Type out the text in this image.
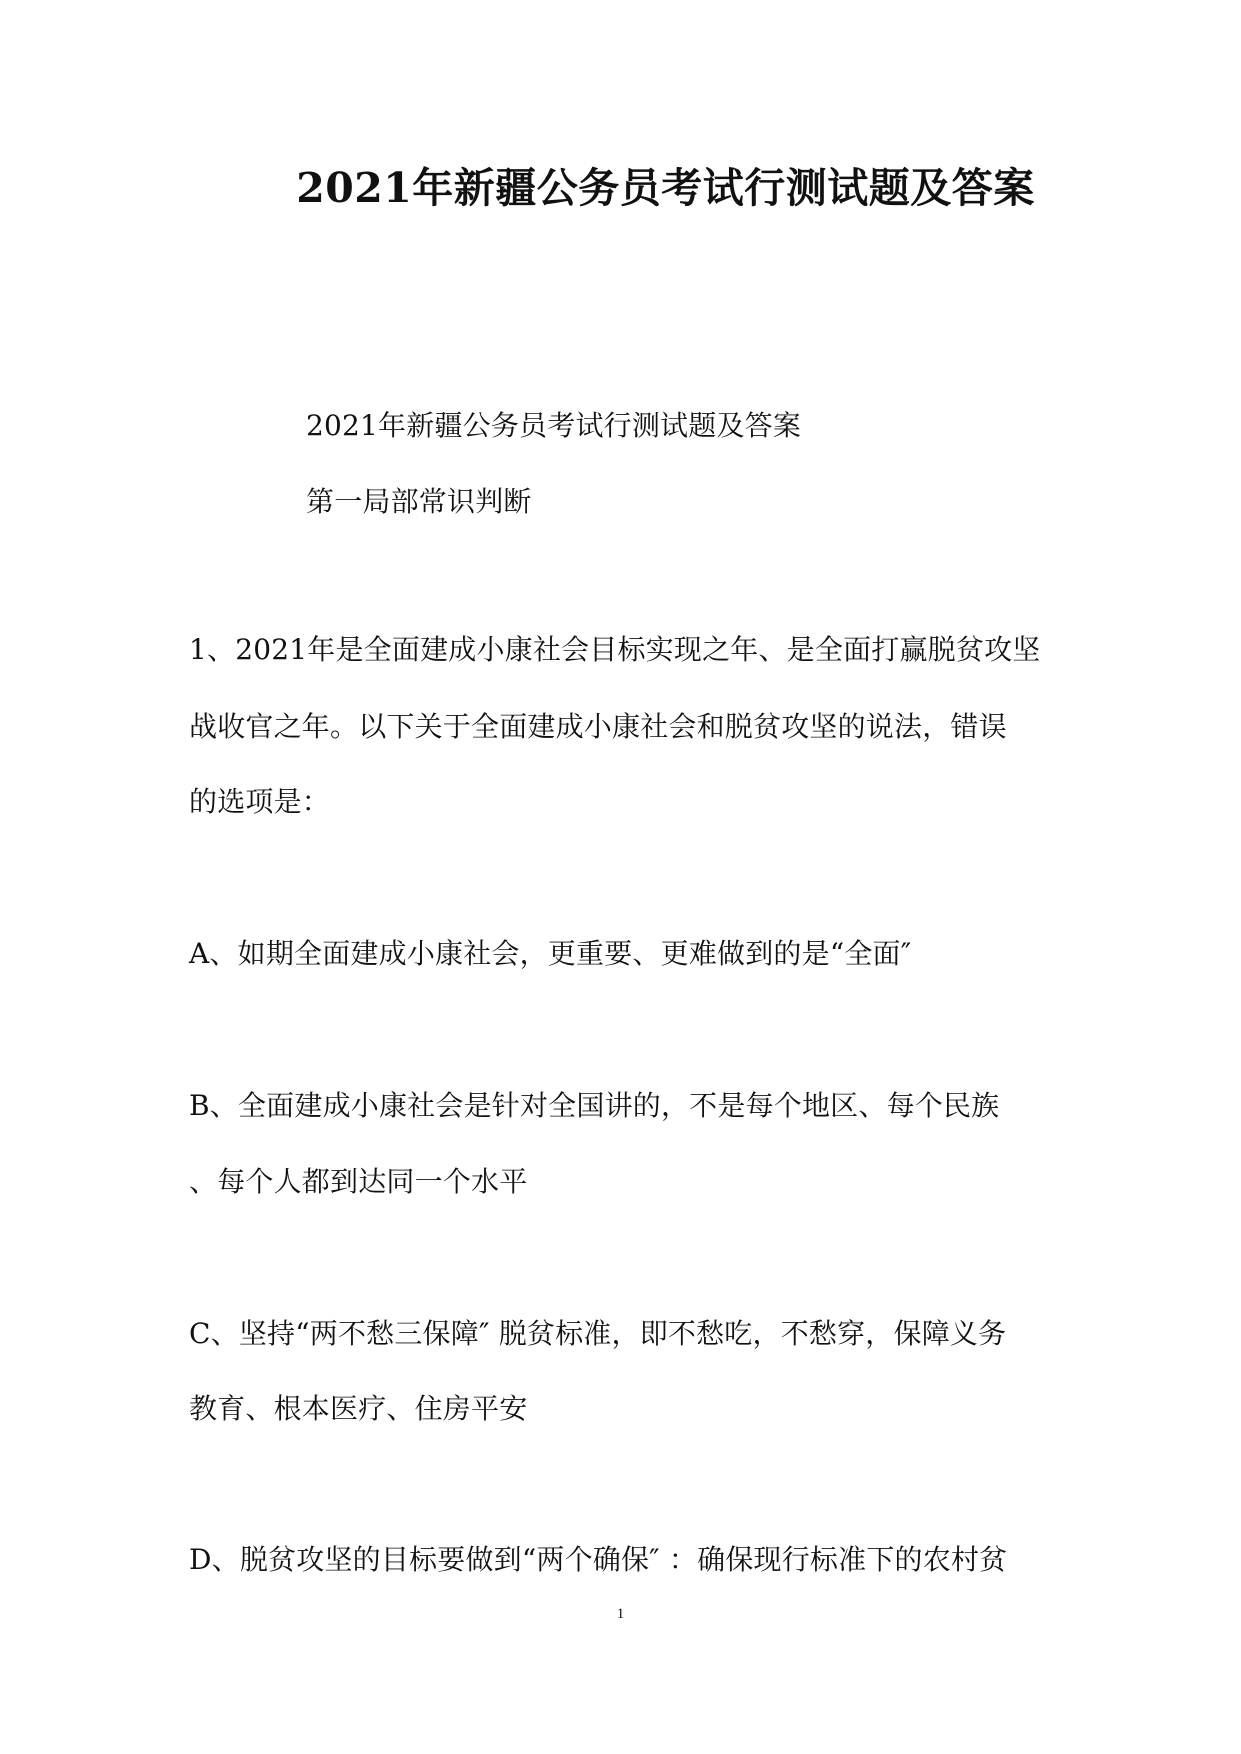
2021年新疆公务员考试行测试题及答案
2021年新疆公务员考试行测试题及答案
第一局部常识判断
1、2021年是全面建成小康社会目标实现之年、是全面打赢脱贫攻坚
战收官之年。以下关于全面建成小康社会和脱贫攻坚的说法，错误
的选项是：
A、如期全面建成小康社会，更重要、更难做到的是“全面″
B、全面建成小康社会是针对全国讲的，不是每个地区、每个民族
、每个人都到达同一个水平
C、坚持“两不愁三保障″ 脱贫标准，即不愁吃，不愁穿，保障义务
教育、根本医疗、住房平安
D、脱贫攻坚的目标要做到“两个确保″ ：确保现行标准下的农村贫
1
